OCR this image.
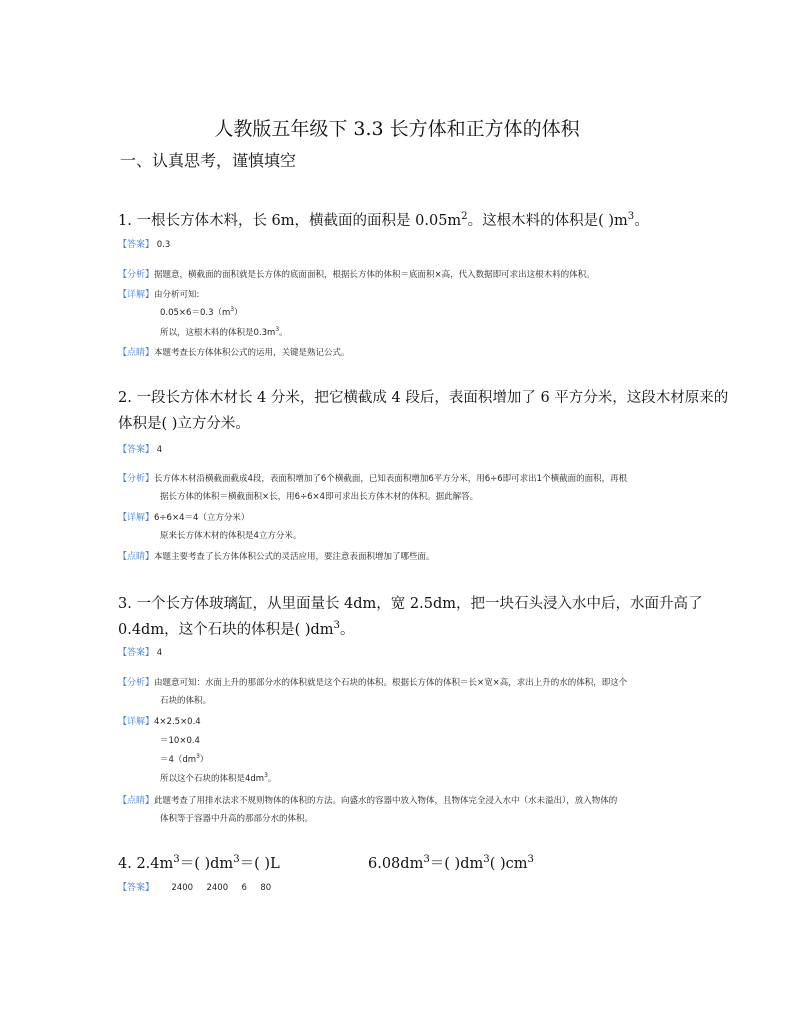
人教版五年级下 3.3 长方体和正方体的体积
一、认真思考，谨慎填空
1. 一根长方体木料，长 6m，横截面的面积是 $0.05m^2$。这根木料的体积是( )$m^3$。
【答案】 0.3
【分析】据题意，横截面的面积就是长方体的底面面积，根据长方体的体积＝底面积×高，代入数据即可求出这根木料的体积。
【详解】由分析可知:
$0.05\times 6=0.3(m^3)$
所以，这根木料的体积是$0.3m^3$。
【点睛】本题考查长方体体积公式的运用，关键是熟记公式。
2. 一段长方体木材长 4 分米，把它横截成 4 段后，表面积增加了 6 平方分米，这段木材原来的
体积是( )立方分米。
【答案】 4
【分析】长方体木材沿横截面截成4段，表面积增加了6个横截面，已知表面积增加6平方分米，用6÷6即可求出1个横截面的面积，再根
据长方体的体积＝横截面积×长，用6÷6×4即可求出长方体木材的体积。据此解答。
【详解】6÷6×4＝4（立方分米）
原来长方体木材的体积是4立方分米。
【点睛】本题主要考查了长方体体积公式的灵活应用，要注意表面积增加了哪些面。
3. 一个长方体玻璃缸，从里面量长 4dm，宽 2.5dm，把一块石头浸入水中后，水面升高了
0.4dm，这个石块的体积是( )$dm^3$。
【答案】 4
【分析】由题意可知：水面上升的那部分水的体积就是这个石块的体积。根据长方体的体积＝长×宽×高，求出上升的水的体积，即这个
石块的体积。
【详解】4×2.5×0.4
＝10×0.4
$=4(dm^3)$
所以这个石块的体积是$4dm^3$。
【点睛】此题考查了用排水法求不规则物体的体积的方法。向盛水的容器中放入物体，且物体完全浸入水中（水未溢出），放入物体的
体积等于容器中升高的那部分水的体积。
4. $2.4m^3=$( )$dm^3=$( )L	$6.08dm^3=$( )$dm^3$( )$cm^3$
【答案】 2400 2400 6 80
